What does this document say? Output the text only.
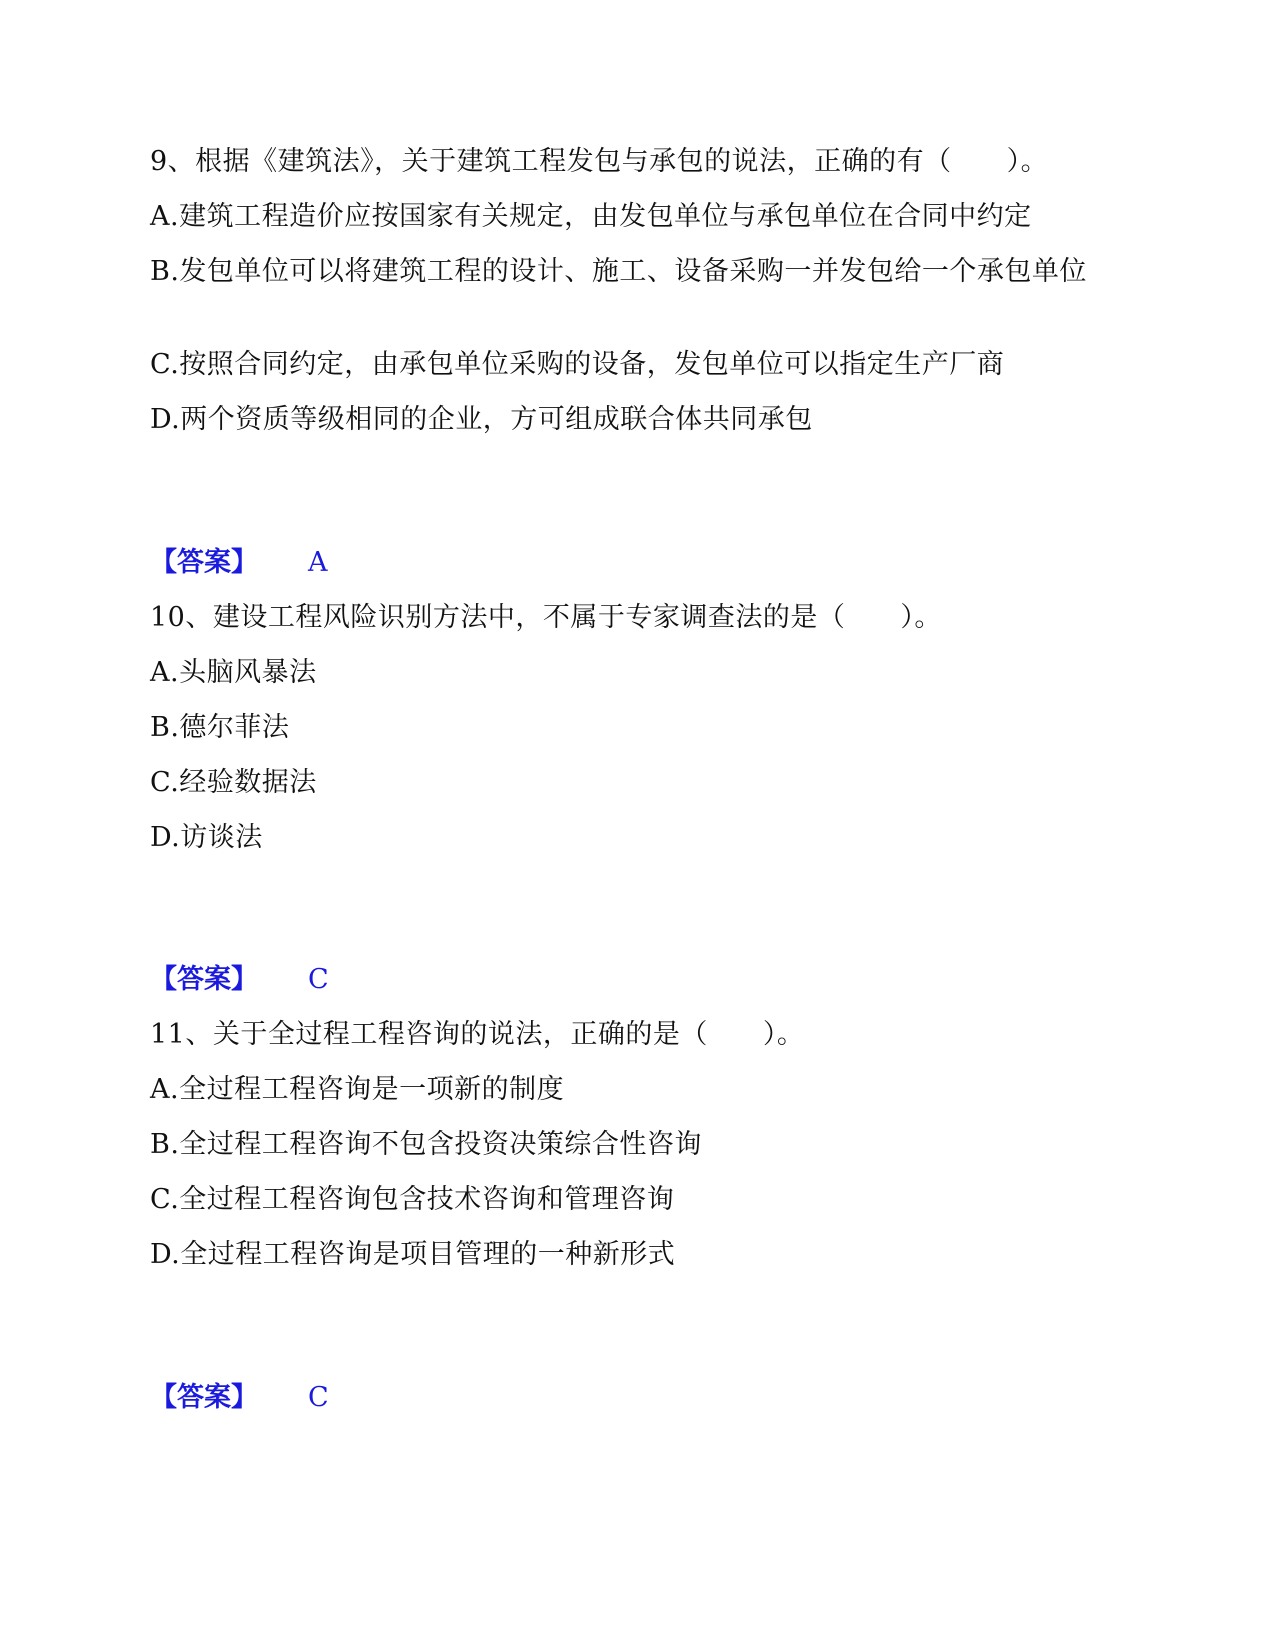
9、根据《建筑法》，关于建筑工程发包与承包的说法，正确的有（　　）。
A.建筑工程造价应按国家有关规定，由发包单位与承包单位在合同中约定
B.发包单位可以将建筑工程的设计、施工、设备采购一并发包给一个承包单位
C.按照合同约定，由承包单位采购的设备，发包单位可以指定生产厂商
D.两个资质等级相同的企业，方可组成联合体共同承包
【答案】 A
10、建设工程风险识别方法中，不属于专家调查法的是（　　）。
A.头脑风暴法
B.德尔菲法
C.经验数据法
D.访谈法
【答案】 C
11、关于全过程工程咨询的说法，正确的是（　　）。
A.全过程工程咨询是一项新的制度
B.全过程工程咨询不包含投资决策综合性咨询
C.全过程工程咨询包含技术咨询和管理咨询
D.全过程工程咨询是项目管理的一种新形式
【答案】 C
